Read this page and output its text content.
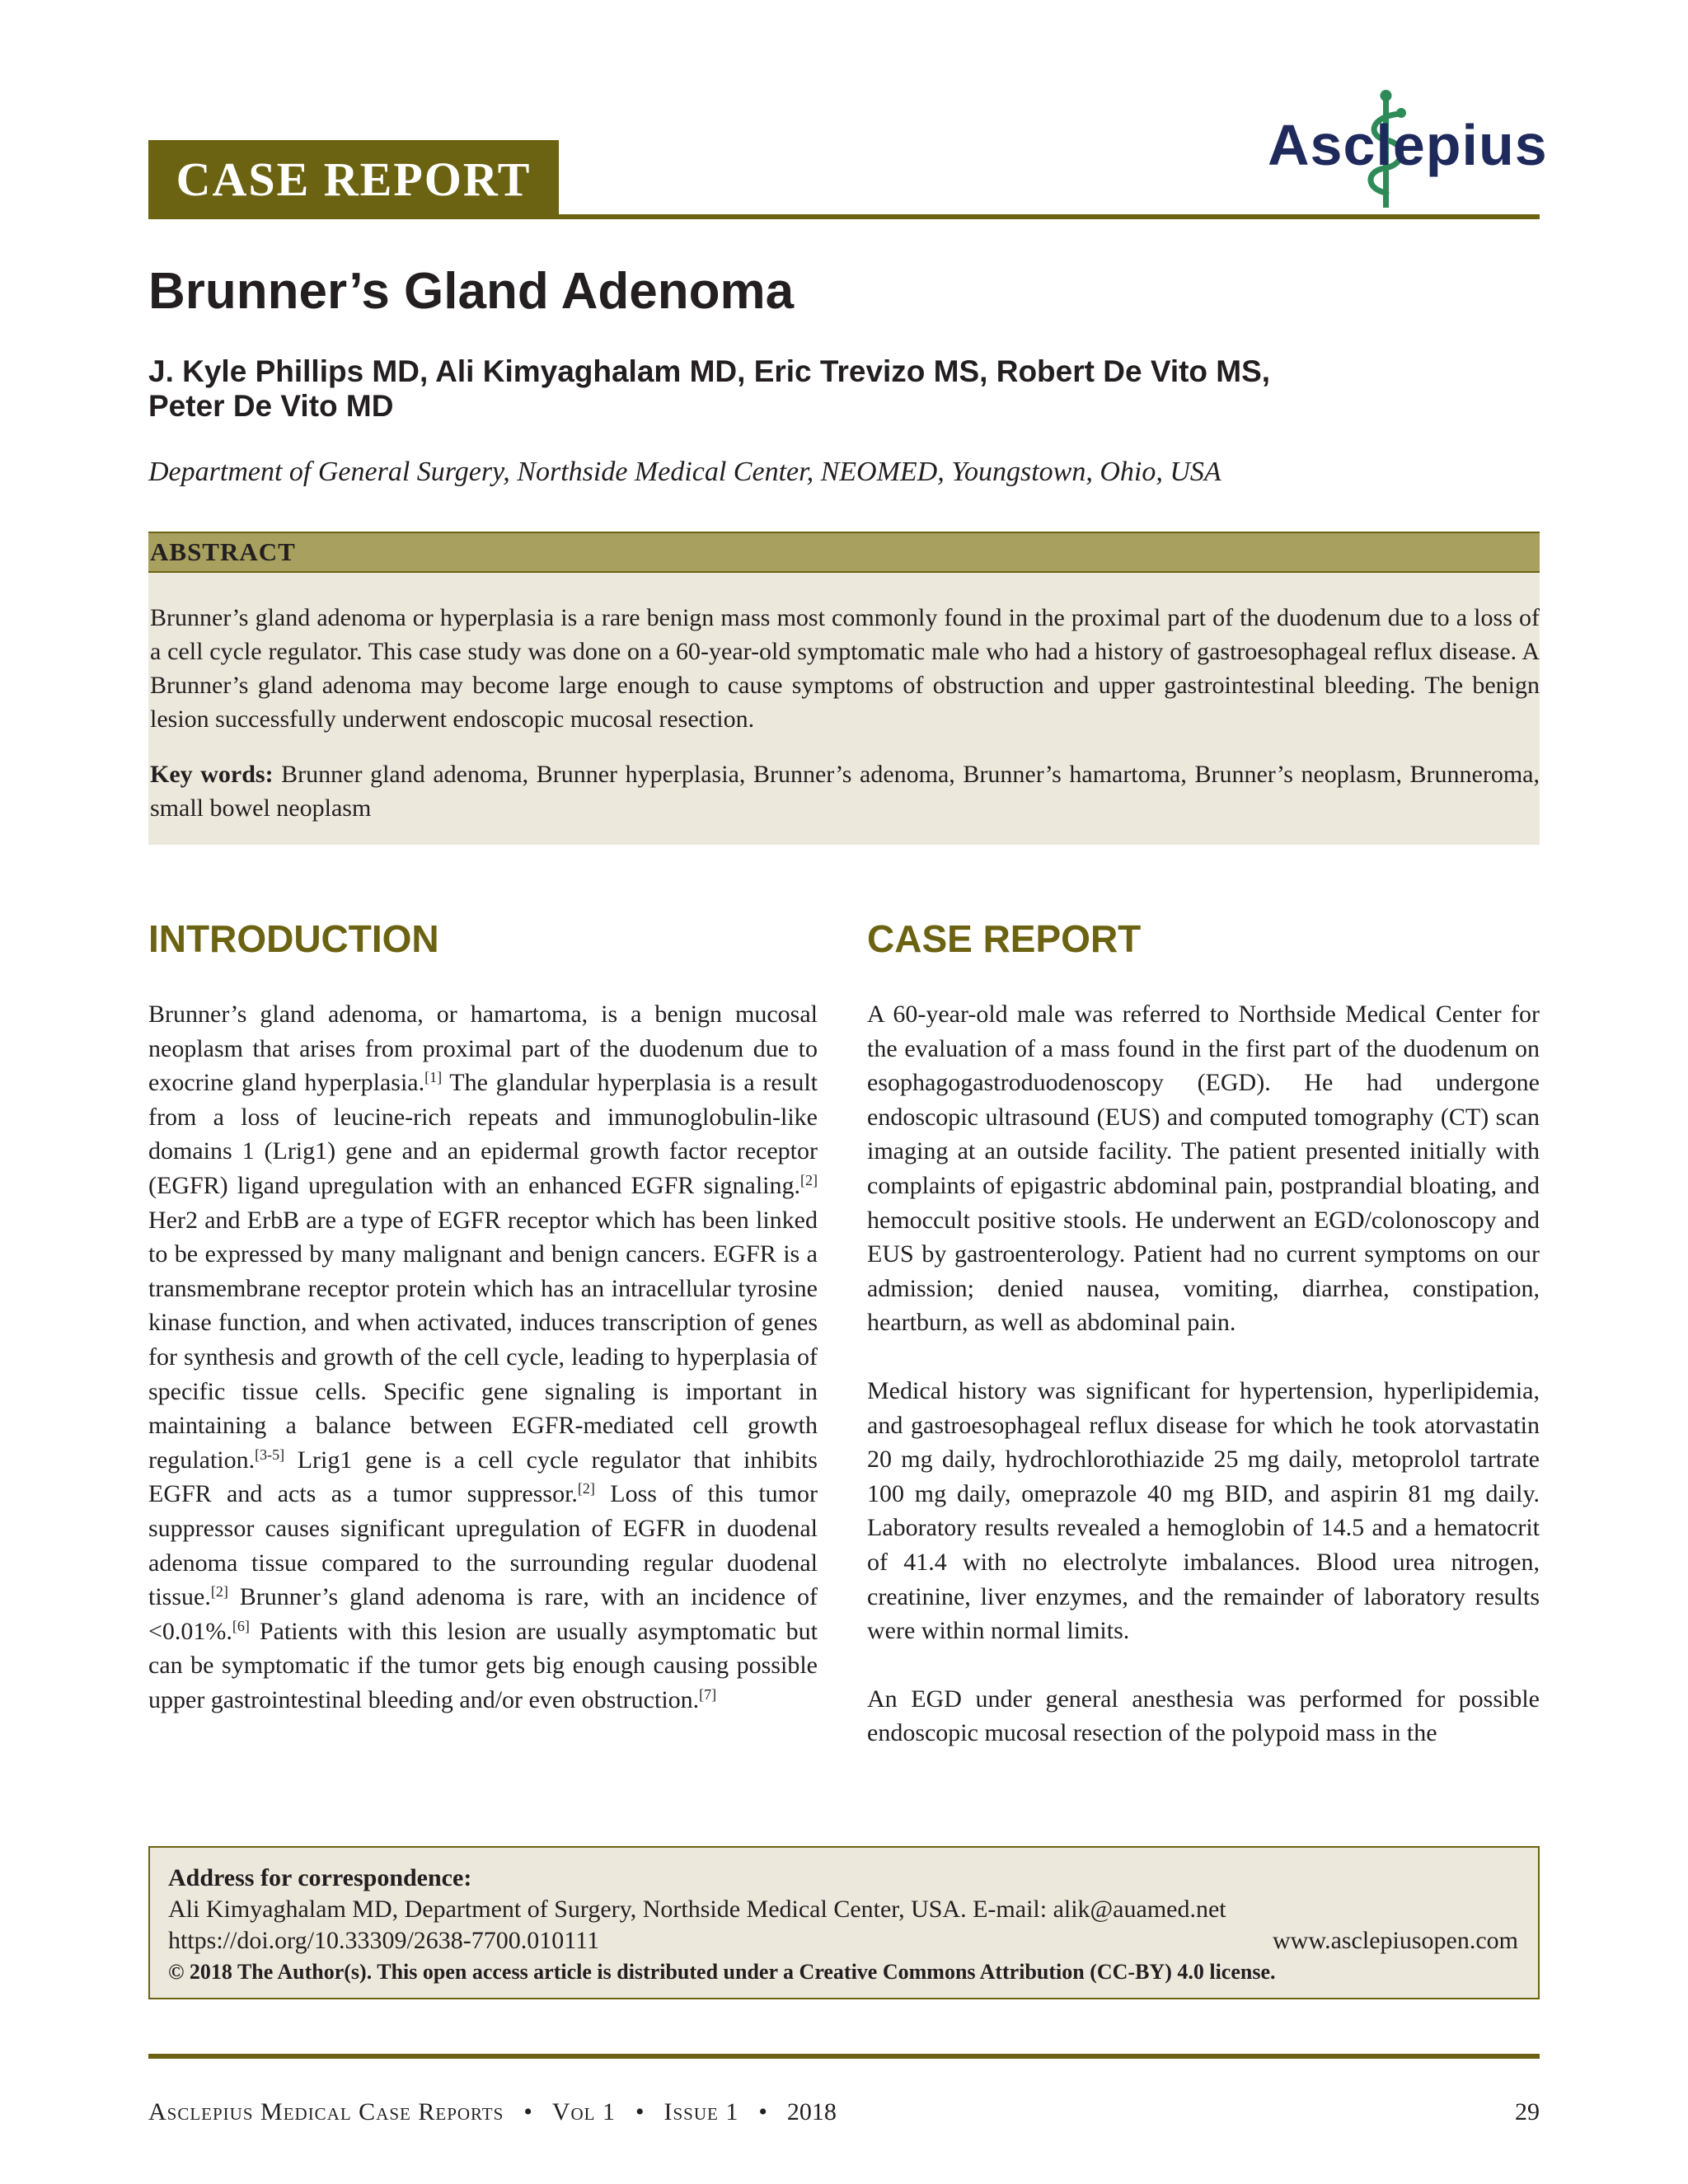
CASE REPORT
Asclepius
Brunner’s Gland Adenoma
J. Kyle Phillips MD, Ali Kimyaghalam MD, Eric Trevizo MS, Robert De Vito MS,
Peter De Vito MD
Department of General Surgery, Northside Medical Center, NEOMED, Youngstown, Ohio, USA
ABSTRACT

Brunner’s gland adenoma or hyperplasia is a rare benign mass most commonly found in the proximal part of the duodenum due to a loss of a cell cycle regulator. This case study was done on a 60-year-old symptomatic male who had a history of gastroesophageal reflux disease. A Brunner’s gland adenoma may become large enough to cause symptoms of obstruction and upper gastrointestinal bleeding. The benign lesion successfully underwent endoscopic mucosal resection.

Key words: Brunner gland adenoma, Brunner hyperplasia, Brunner’s adenoma, Brunner’s hamartoma, Brunner’s neoplasm, Brunneroma, small bowel neoplasm

INTRODUCTION	CASE REPORT

Brunner’s gland adenoma, or hamartoma, is a benign mucosal neoplasm that arises from proximal part of the duodenum due to exocrine gland hyperplasia.[1] The glandular hyperplasia is a result from a loss of leucine-rich repeats and immunoglobulin-like domains 1 (Lrig1) gene and an epidermal growth factor receptor (EGFR) ligand upregulation with an enhanced EGFR signaling.[2] Her2 and ErbB are a type of EGFR receptor which has been linked to be expressed by many malignant and benign cancers. EGFR is a transmembrane receptor protein which has an intracellular tyrosine kinase function, and when activated, induces transcription of genes for synthesis and growth of the cell cycle, leading to hyperplasia of specific tissue cells. Specific gene signaling is important in maintaining a balance between EGFR-mediated cell growth regulation.[3-5] Lrig1 gene is a cell cycle regulator that inhibits EGFR and acts as a tumor suppressor.[2] Loss of this tumor suppressor causes significant upregulation of EGFR in duodenal adenoma tissue compared to the surrounding regular duodenal tissue.[2] Brunner’s gland adenoma is rare, with an incidence of <0.01%.[6] Patients with this lesion are usually asymptomatic but can be symptomatic if the tumor gets big enough causing possible upper gastrointestinal bleeding and/or even obstruction.[7]

A 60-year-old male was referred to Northside Medical Center for the evaluation of a mass found in the first part of the duodenum on esophagogastroduodenoscopy (EGD). He had undergone endoscopic ultrasound (EUS) and computed tomography (CT) scan imaging at an outside facility. The patient presented initially with complaints of epigastric abdominal pain, postprandial bloating, and hemoccult positive stools. He underwent an EGD/colonoscopy and EUS by gastroenterology. Patient had no current symptoms on our admission; denied nausea, vomiting, diarrhea, constipation, heartburn, as well as abdominal pain.

Medical history was significant for hypertension, hyperlipidemia, and gastroesophageal reflux disease for which he took atorvastatin 20 mg daily, hydrochlorothiazide 25 mg daily, metoprolol tartrate 100 mg daily, omeprazole 40 mg BID, and aspirin 81 mg daily. Laboratory results revealed a hemoglobin of 14.5 and a hematocrit of 41.4 with no electrolyte imbalances. Blood urea nitrogen, creatinine, liver enzymes, and the remainder of laboratory results were within normal limits.

An EGD under general anesthesia was performed for possible endoscopic mucosal resection of the polypoid mass in the

Address for correspondence:
Ali Kimyaghalam MD, Department of Surgery, Northside Medical Center, USA. E-mail: alik@auamed.net
https://doi.org/10.33309/2638-7700.010111	www.asclepiusopen.com
© 2018 The Author(s). This open access article is distributed under a Creative Commons Attribution (CC-BY) 4.0 license.
Asclepius Medical Case Reports • Vol 1 • Issue 1 • 2018	29
